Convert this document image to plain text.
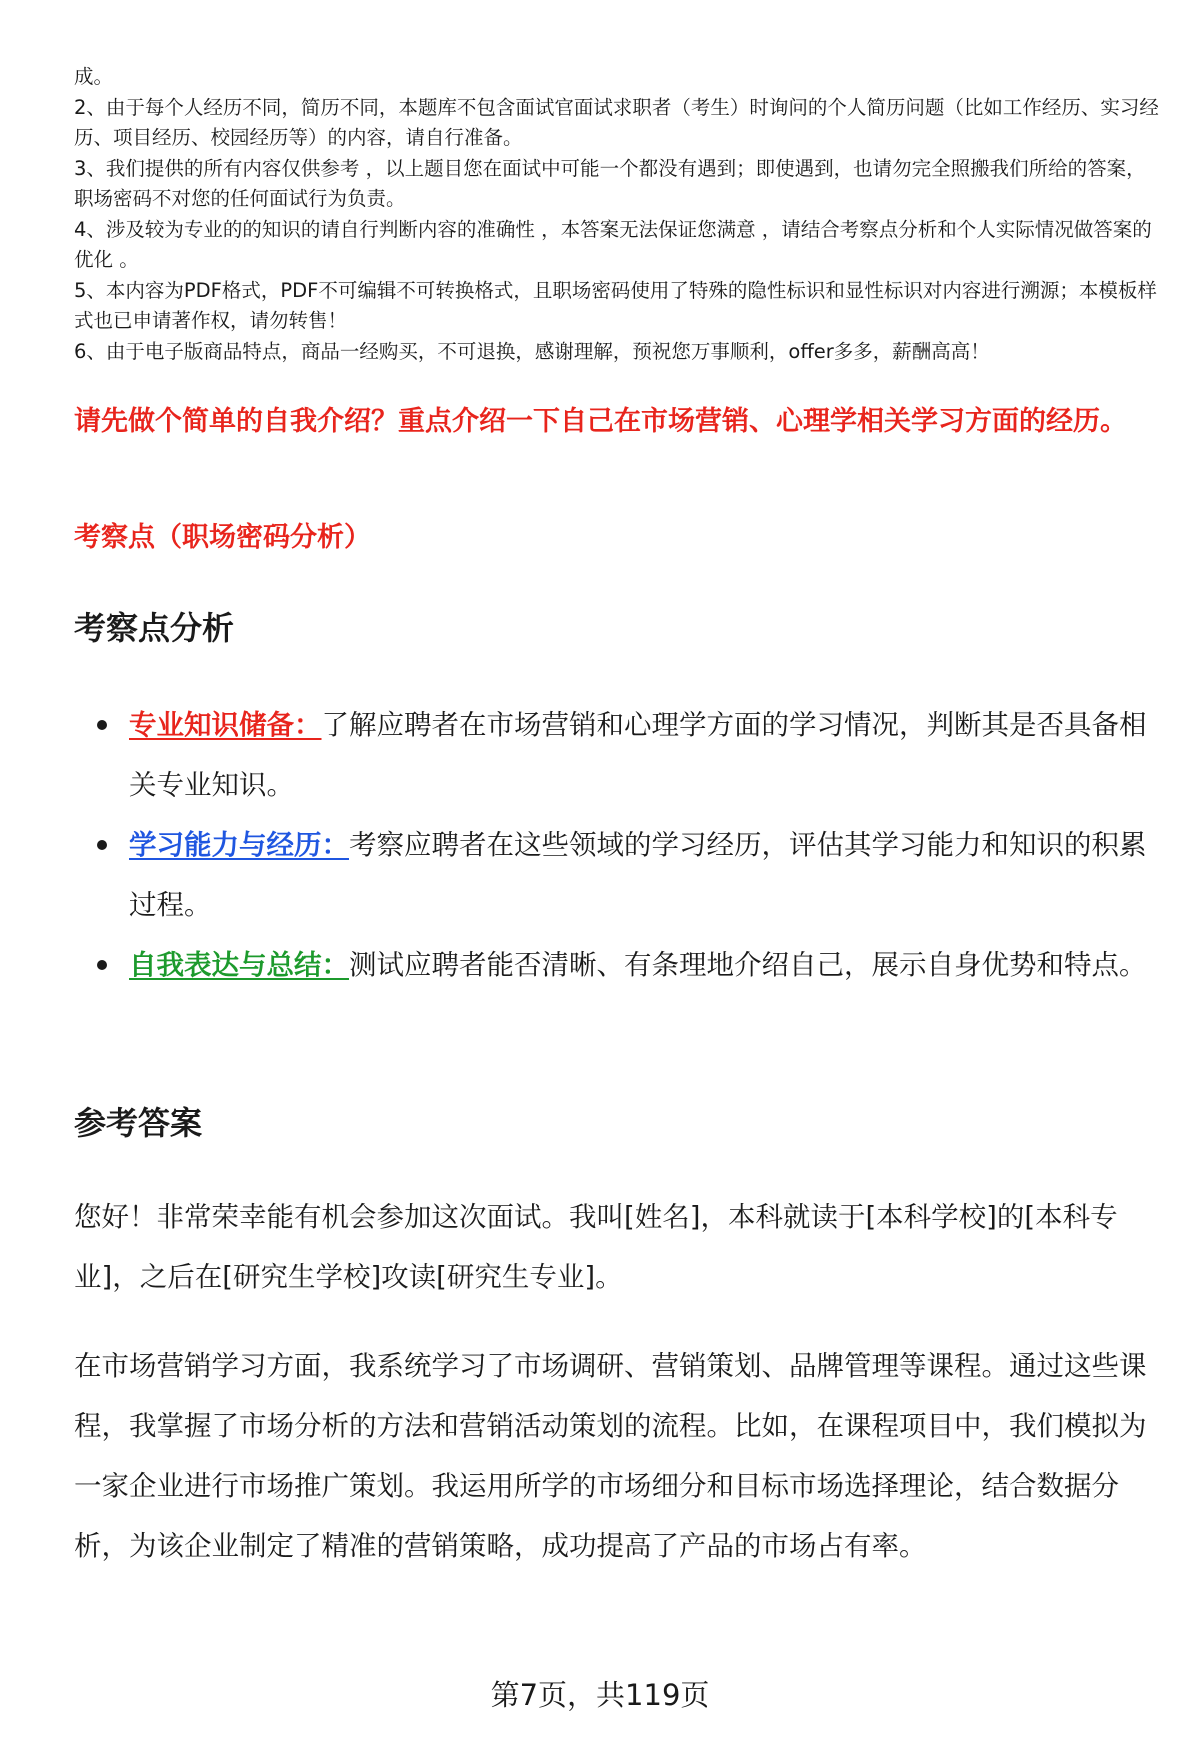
成。

2、由于每个人经历不同，简历不同，本题库不包含面试官面试求职者（考生）时询问的个人简历问题（比如工作经历、实习经历、项目经历、校园经历等）的内容，请自行准备。

3、我们提供的所有内容仅供参考 ，以上题目您在面试中可能一个都没有遇到；即使遇到，也请勿完全照搬我们所给的答案，职场密码不对您的任何面试行为负责。

4、涉及较为专业的的知识的请自行判断内容的准确性 ，本答案无法保证您满意 ，请结合考察点分析和个人实际情况做答案的优化 。

5、本内容为PDF格式，PDF不可编辑不可转换格式，且职场密码使用了特殊的隐性标识和显性标识对内容进行溯源；本模板样式也已申请著作权，请勿转售！

6、由于电子版商品特点，商品一经购买，不可退换，感谢理解，预祝您万事顺利，offer多多，薪酬高高！

请先做个简单的自我介绍？重点介绍一下自己在市场营销、心理学相关学习方面的经历。

考察点（职场密码分析）

考察点分析
专业知识储备：了解应聘者在市场营销和心理学方面的学习情况，判断其是否具备相关专业知识。
学习能力与经历：考察应聘者在这些领域的学习经历，评估其学习能力和知识的积累过程。
自我表达与总结：测试应聘者能否清晰、有条理地介绍自己，展示自身优势和特点。
参考答案

您好！非常荣幸能有机会参加这次面试。我叫[姓名]，本科就读于[本科学校]的[本科专业]，之后在[研究生学校]攻读[研究生专业]。

在市场营销学习方面，我系统学习了市场调研、营销策划、品牌管理等课程。通过这些课程，我掌握了市场分析的方法和营销活动策划的流程。比如，在课程项目中，我们模拟为一家企业进行市场推广策划。我运用所学的市场细分和目标市场选择理论，结合数据分析，为该企业制定了精准的营销策略，成功提高了产品的市场占有率。

第7页，共119页
